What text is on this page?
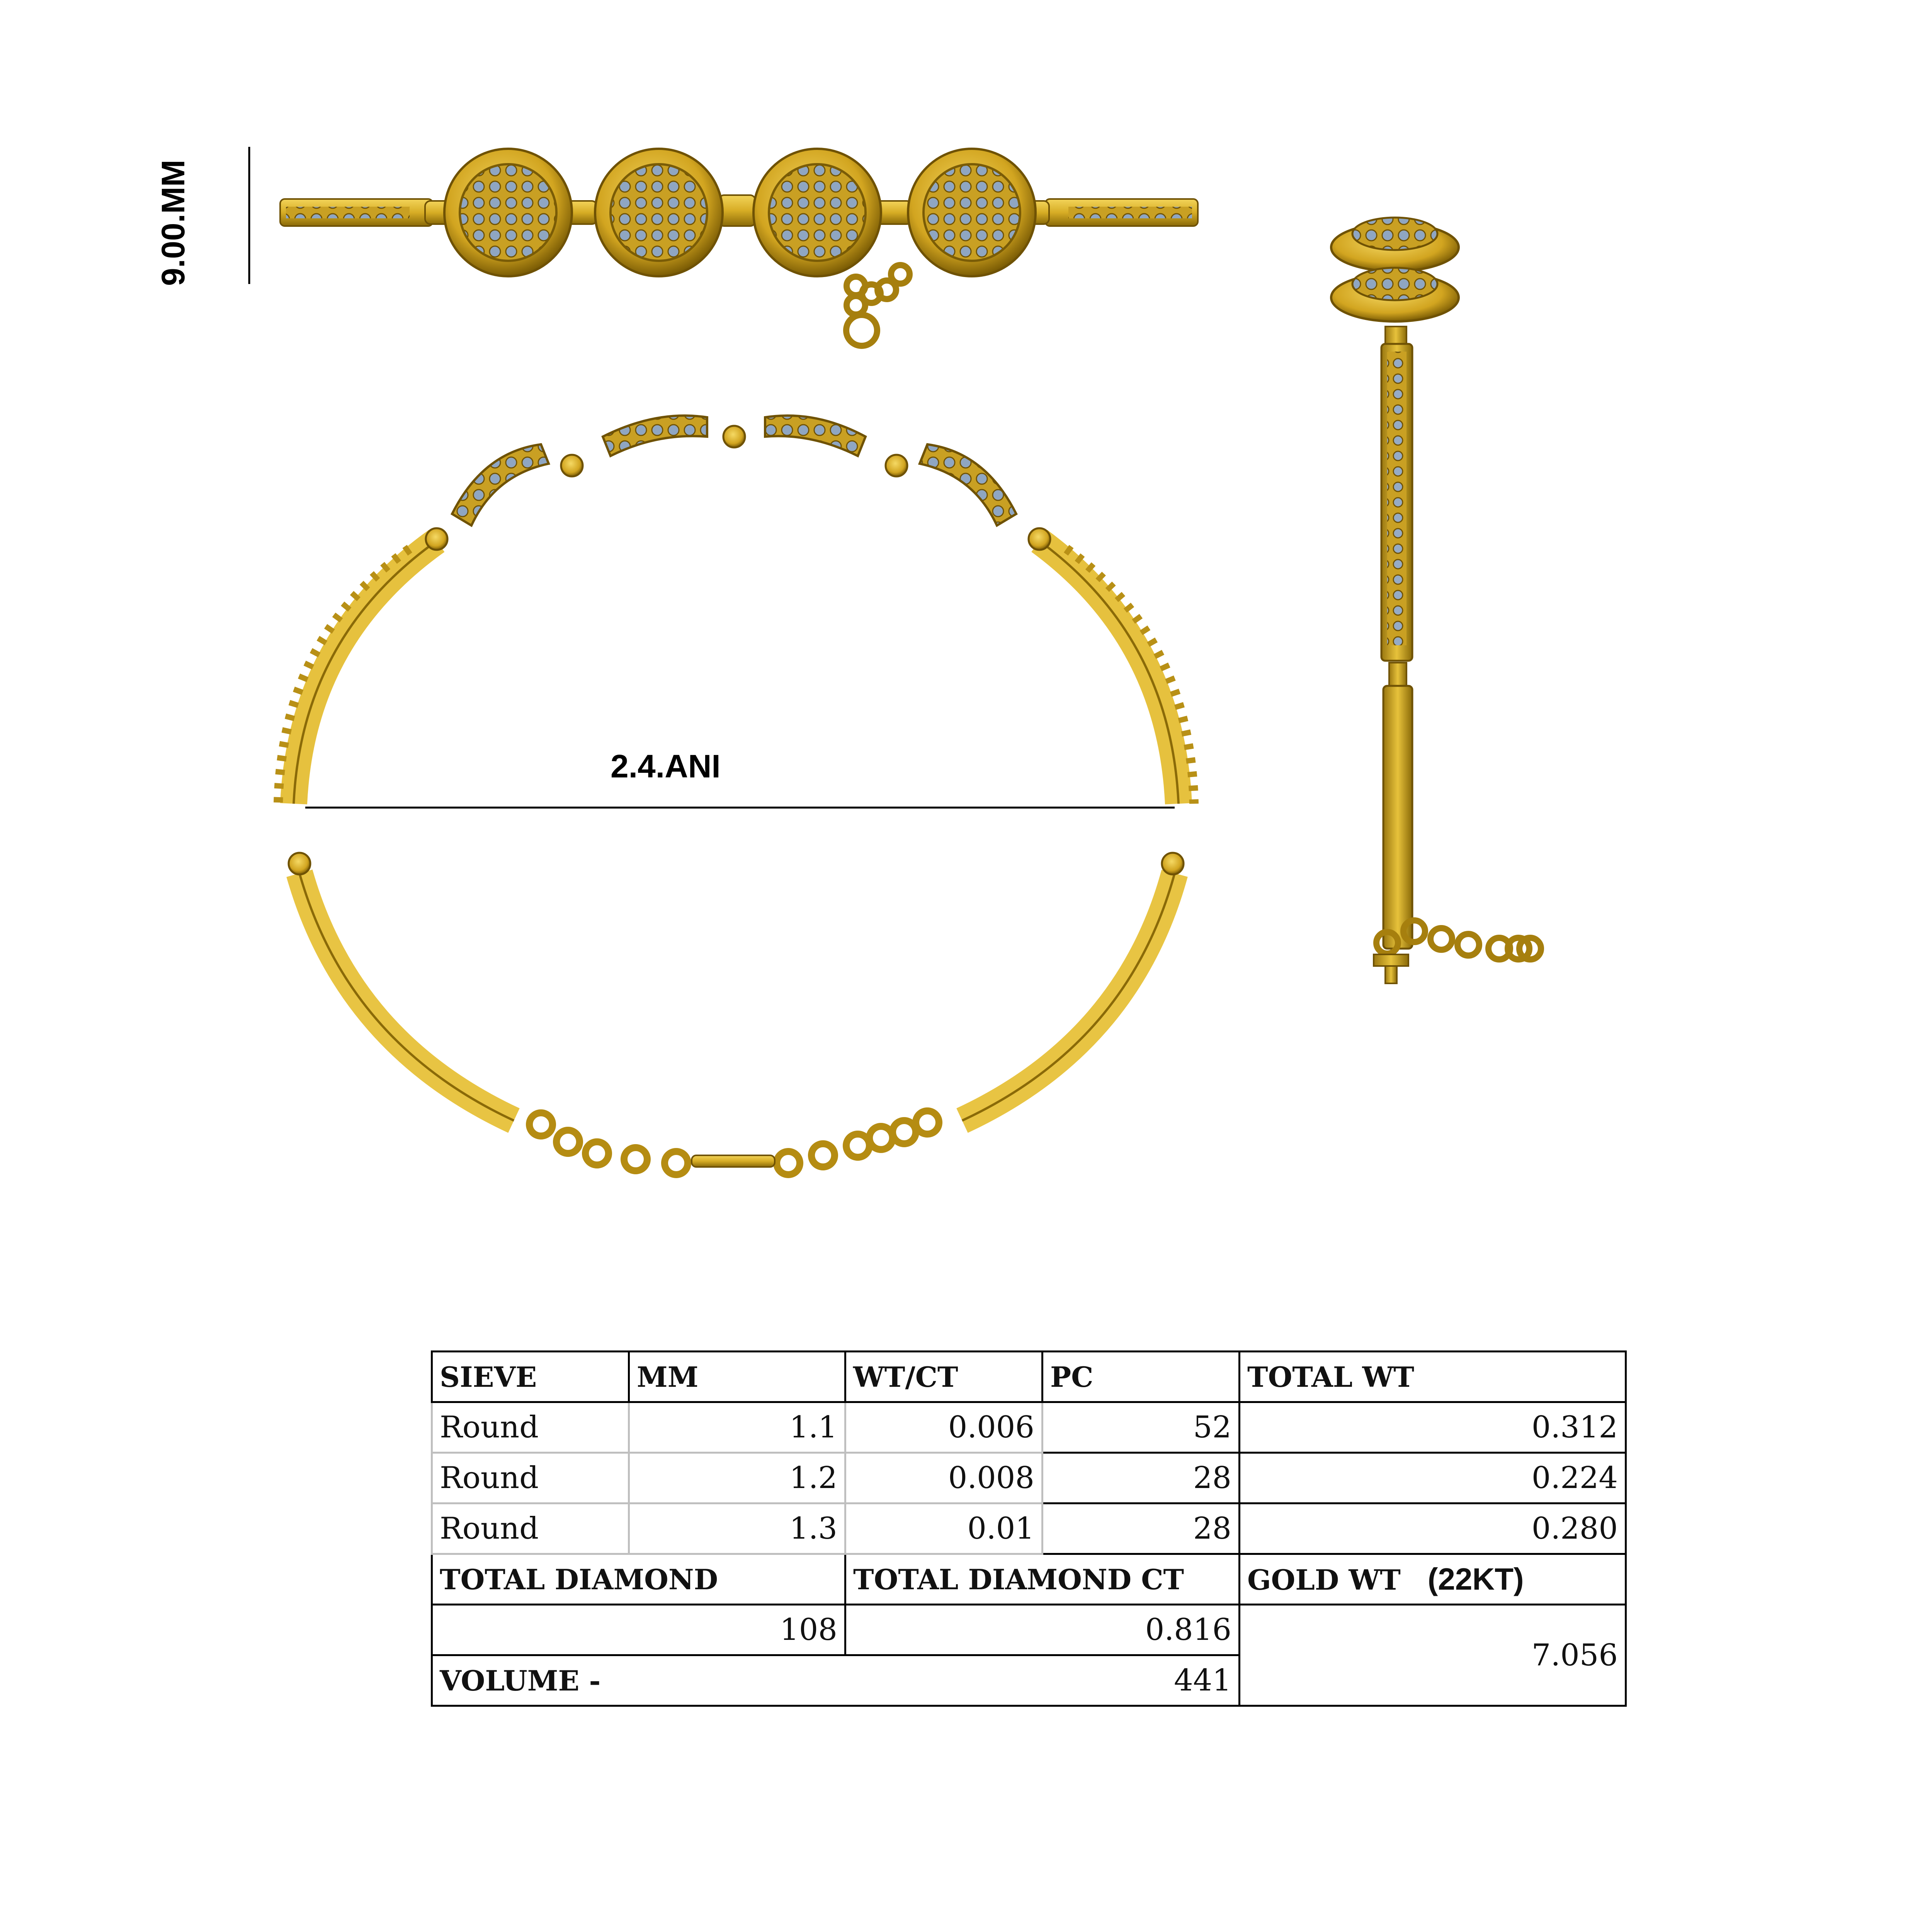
9.00.MM
2.4.ANI
SIEVE	MM	WT/CT	PC	TOTAL WT
Round	1.1	0.006	52	0.312
Round	1.2	0.008	28	0.224
Round	1.3	0.01	28	0.280
TOTAL DIAMOND		TOTAL DIAMOND CT		GOLD WT (22KT)
108		0.816		7.056
VOLUME -		441		
